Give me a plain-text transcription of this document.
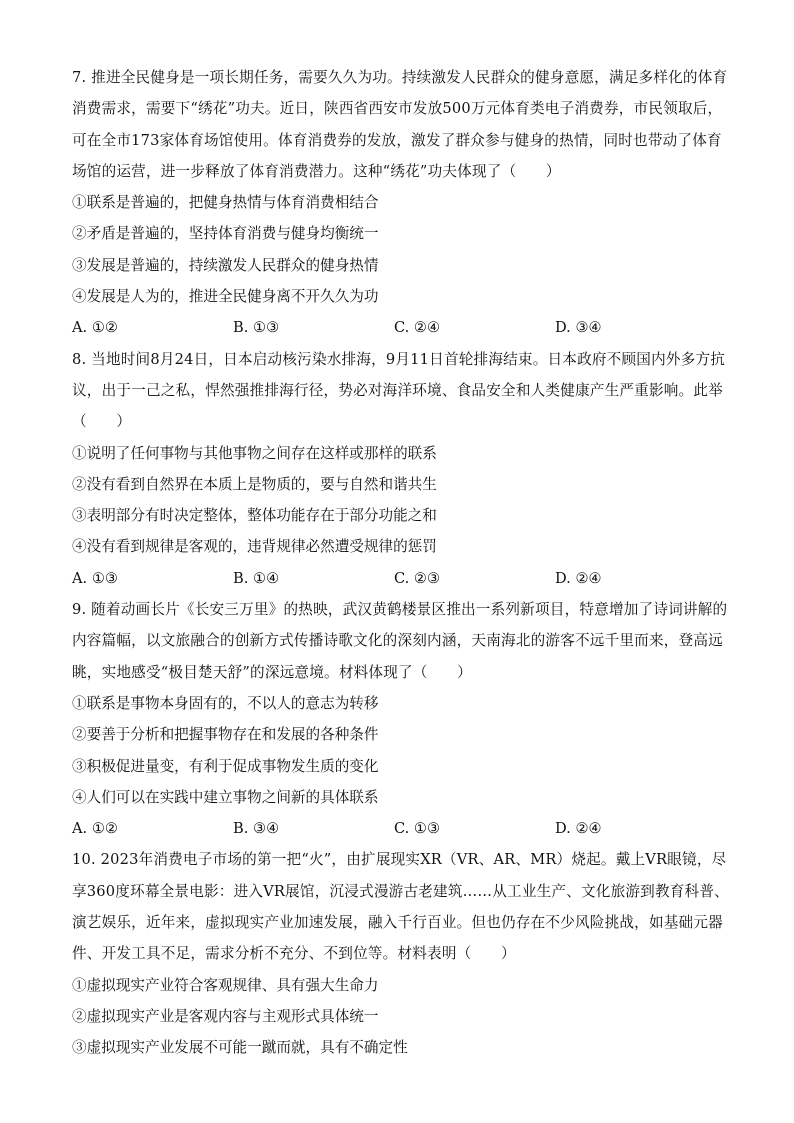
7. 推进全民健身是一项长期任务，需要久久为功。持续激发人民群众的健身意愿，满足多样化的体育消费需求，需要下“绣花”功夫。近日，陕西省西安市发放500万元体育类电子消费券，市民领取后，可在全市173家体育场馆使用。体育消费券的发放，激发了群众参与健身的热情，同时也带动了体育场馆的运营，进一步释放了体育消费潜力。这种“绣花”功夫体现了（　　）

①联系是普遍的，把健身热情与体育消费相结合

②矛盾是普遍的，坚持体育消费与健身均衡统一

③发展是普遍的，持续激发人民群众的健身热情

④发展是人为的，推进全民健身离不开久久为功

A. ①②	B. ①③	C. ②④	D. ③④

8. 当地时间8月24日，日本启动核污染水排海，9月11日首轮排海结束。日本政府不顾国内外多方抗议，出于一己之私，悍然强推排海行径，势必对海洋环境、食品安全和人类健康产生严重影响。此举（　　）

①说明了任何事物与其他事物之间存在这样或那样的联系

②没有看到自然界在本质上是物质的，要与自然和谐共生

③表明部分有时决定整体，整体功能存在于部分功能之和

④没有看到规律是客观的，违背规律必然遭受规律的惩罚

A. ①③	B. ①④	C. ②③	D. ②④

9. 随着动画长片《长安三万里》的热映，武汉黄鹤楼景区推出一系列新项目，特意增加了诗词讲解的内容篇幅，以文旅融合的创新方式传播诗歌文化的深刻内涵，天南海北的游客不远千里而来，登高远眺，实地感受“极目楚天舒”的深远意境。材料体现了（　　）

①联系是事物本身固有的，不以人的意志为转移

②要善于分析和把握事物存在和发展的各种条件

③积极促进量变，有利于促成事物发生质的变化

④人们可以在实践中建立事物之间新的具体联系

A. ①②	B. ③④	C. ①③	D. ②④

10. 2023年消费电子市场的第一把“火”，由扩展现实XR（VR、AR、MR）烧起。戴上VR眼镜，尽享360度环幕全景电影：进入VR展馆，沉浸式漫游古老建筑……从工业生产、文化旅游到教育科普、演艺娱乐，近年来，虚拟现实产业加速发展，融入千行百业。但也仍存在不少风险挑战，如基础元器件、开发工具不足，需求分析不充分、不到位等。材料表明（　　）

①虚拟现实产业符合客观规律、具有强大生命力

②虚拟现实产业是客观内容与主观形式具体统一

③虚拟现实产业发展不可能一蹴而就，具有不确定性
